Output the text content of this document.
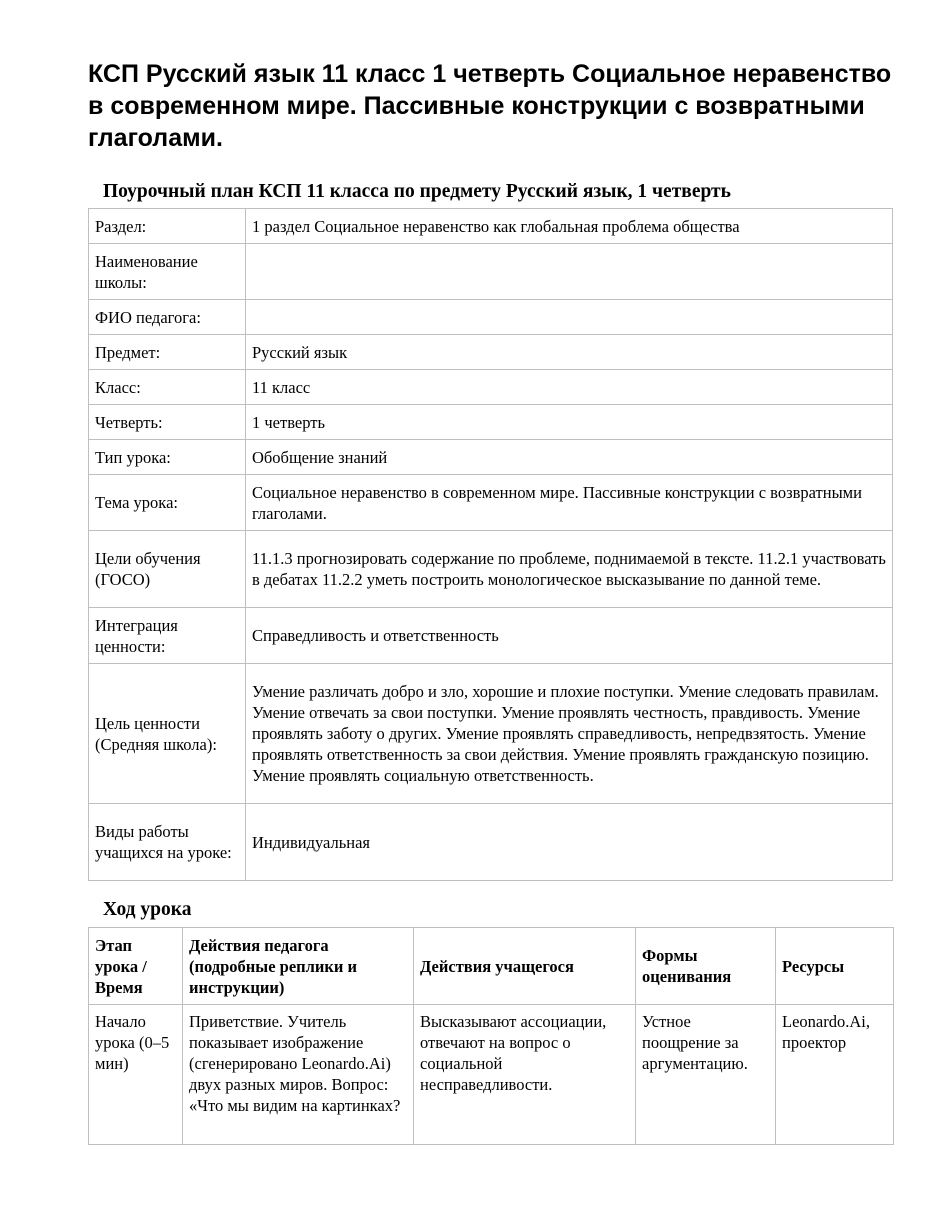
КСП Русский язык 11 класс 1 четверть Социальное неравенство в современном мире. Пассивные конструкции с возвратными глаголами.
Поурочный план КСП 11 класса по предмету Русский язык, 1 четверть
Раздел:	1 раздел Социальное неравенство как глобальная проблема общества
Наименование школы:	
ФИО педагога:	
Предмет:	Русский язык
Класс:	11 класс
Четверть:	1 четверть
Тип урока:	Обобщение знаний
Тема урока:	Социальное неравенство в современном мире. Пассивные конструкции с возвратными глаголами.
Цели обучения (ГОСО)	11.1.3 прогнозировать содержание по проблеме, поднимаемой в тексте. 11.2.1 участвовать в дебатах 11.2.2 уметь построить монологическое высказывание по данной теме.
Интеграция ценности:	Справедливость и ответственность
Цель ценности (Средняя школа):	Умение различать добро и зло, хорошие и плохие поступки. Умение следовать правилам. Умение отвечать за свои поступки. Умение проявлять честность, правдивость. Умение проявлять заботу о других. Умение проявлять справедливость, непредвзятость. Умение проявлять ответственность за свои действия. Умение проявлять гражданскую позицию. Умение проявлять социальную ответственность.
Виды работы учащихся на уроке:	Индивидуальная
Ход урока
Этап урока / Время	Действия педагога (подробные реплики и инструкции)	Действия учащегося	Формы оценивания	Ресурсы
Начало урока (0–5 мин)	Приветствие. Учитель показывает изображение (сгенерировано Leonardo.Ai) двух разных миров. Вопрос: «Что мы видим на картинках?	Высказывают ассоциации, отвечают на вопрос о социальной несправедливости.	Устное поощрение за аргументацию.	Leonardo.Ai, проектор
